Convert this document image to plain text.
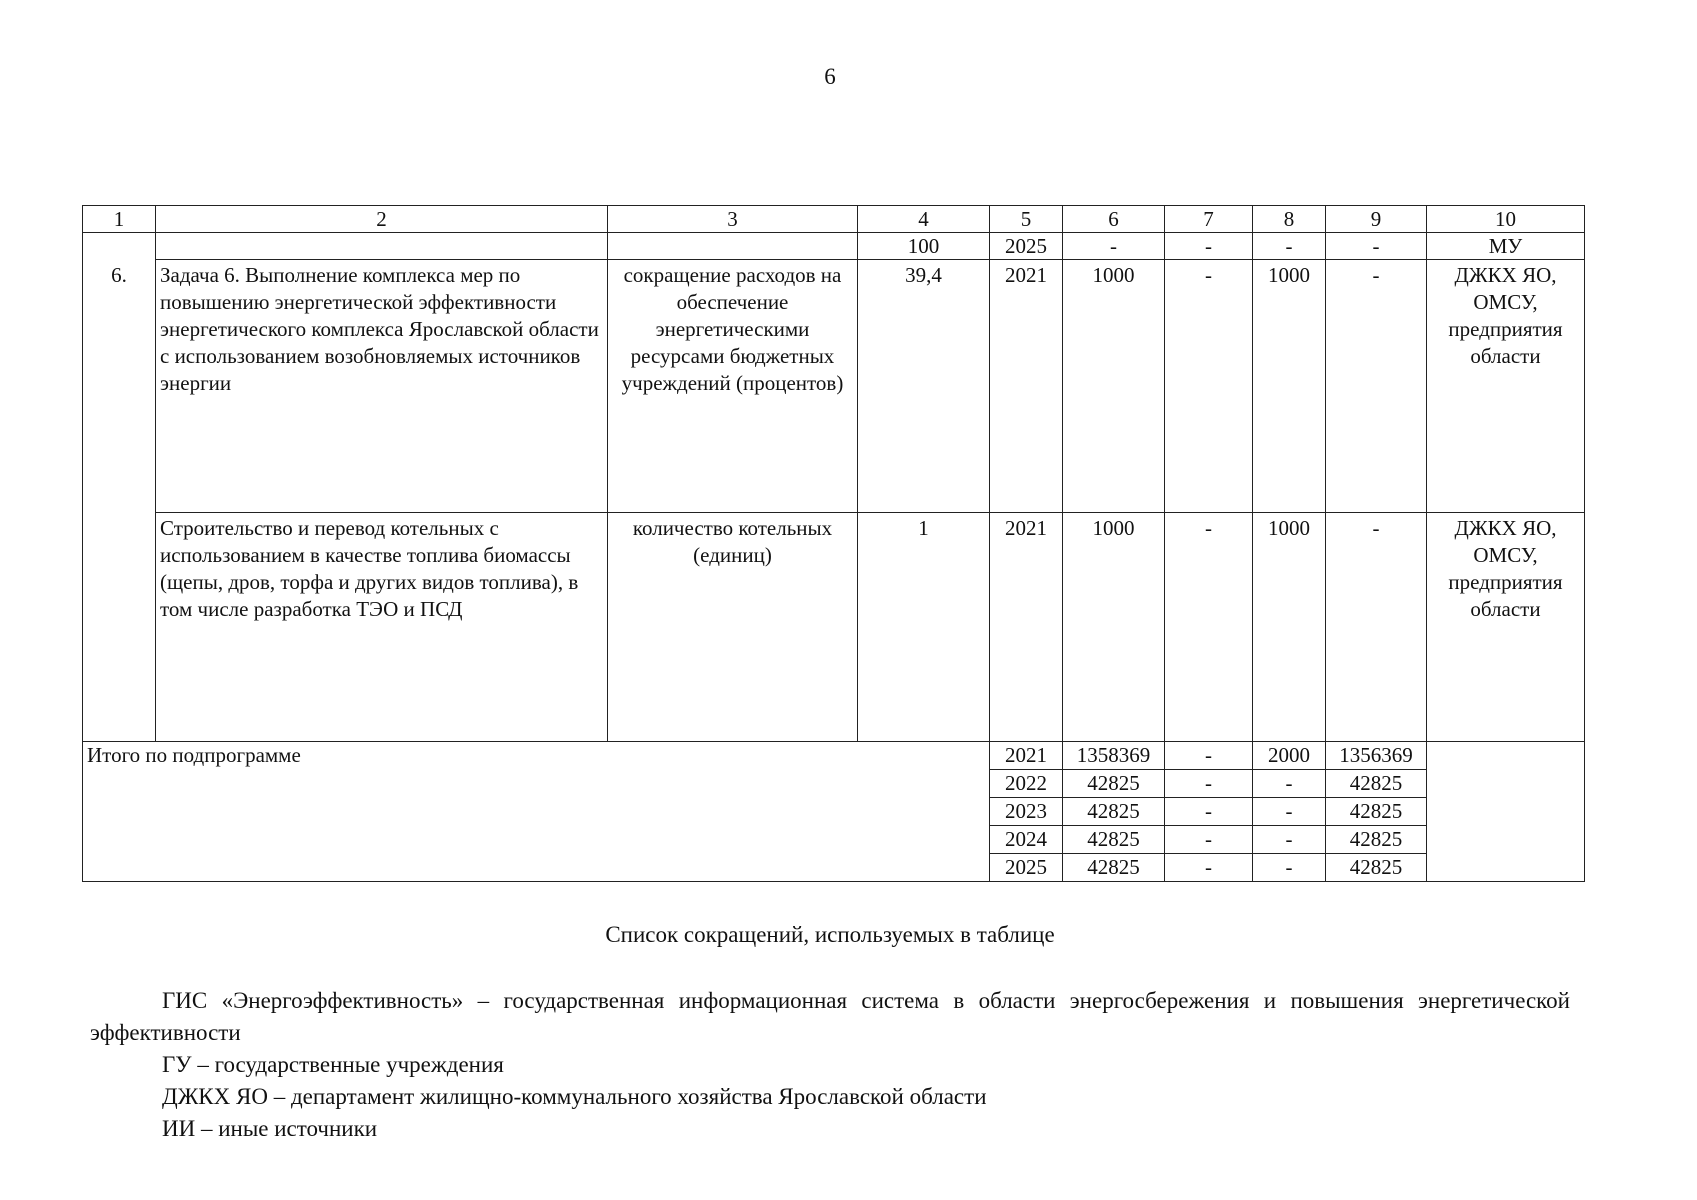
6
1	2	3	4	5	6	7	8	9	10
			100	2025	-	-	-	-	МУ
6.	Задача 6. Выполнение комплекса мер по повышению энергетической эффективности энергетического комплекса Ярославской области с использованием возобновляемых источников энергии	сокращение расходов на обеспечение энергетическими ресурсами бюджетных учреждений (процентов)	39,4	2021	1000	-	1000	-	ДЖКХ ЯО, ОМСУ, предприятия области
	Строительство и перевод котельных с использованием в качестве топлива биомассы (щепы, дров, торфа и других видов топлива), в том числе разработка ТЭО и ПСД	количество котельных (единиц)	1	2021	1000	-	1000	-	ДЖКХ ЯО, ОМСУ, предприятия области
Итого по подпрограмме				2021	1358369	-	2000	1356369	
				2022	42825	-	-	42825	
				2023	42825	-	-	42825	
				2024	42825	-	-	42825	
				2025	42825	-	-	42825	
Список сокращений, используемых в таблице

ГИС «Энергоэффективность» – государственная информационная система в области энергосбережения и повышения энергетической эффективности

ГУ – государственные учреждения

ДЖКХ ЯО – департамент жилищно-коммунального хозяйства Ярославской области

ИИ – иные источники
